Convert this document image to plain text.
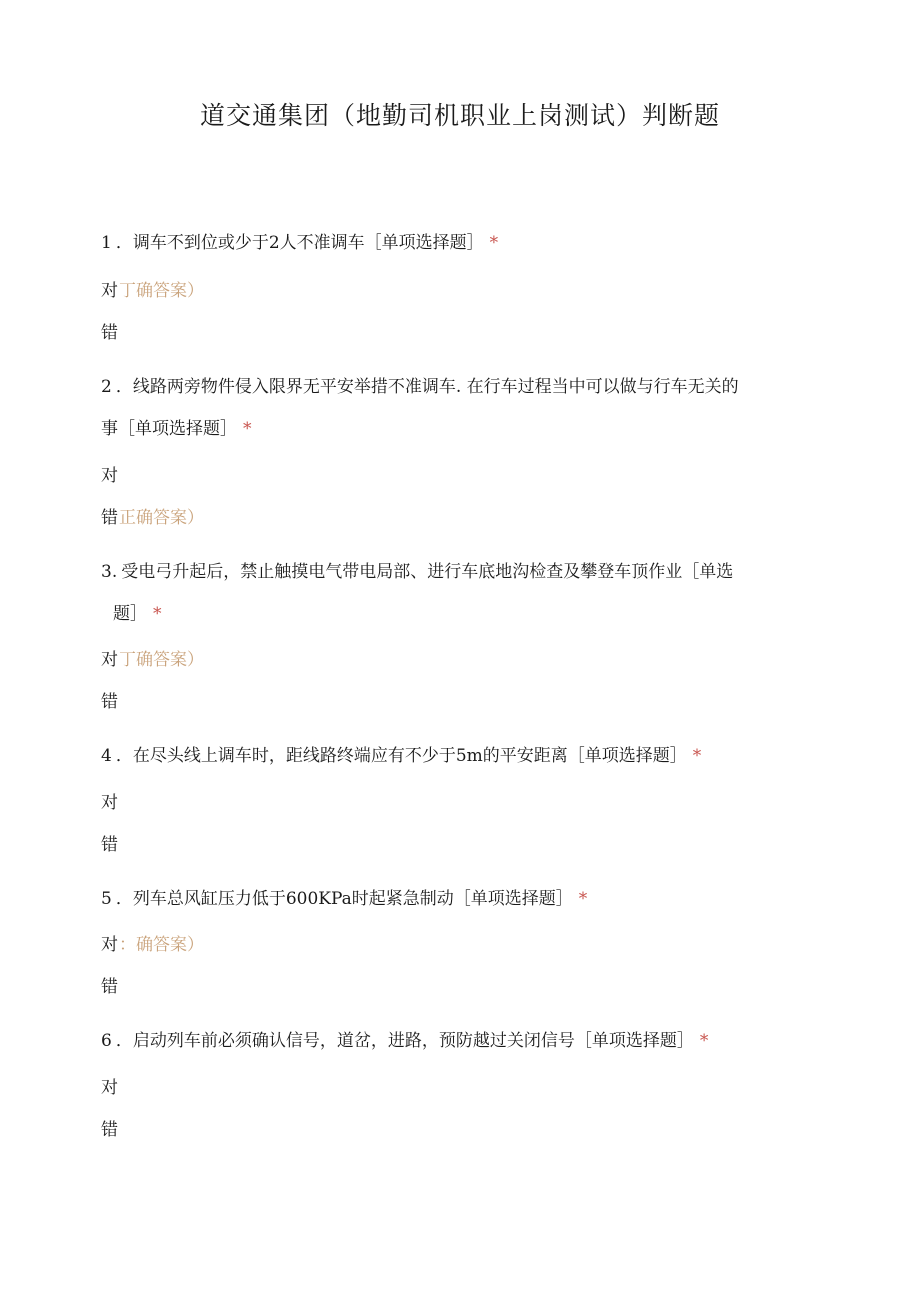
道交通集团（地勤司机职业上岗测试）判断题
1 ．调车不到位或少于2人不准调车［单项选择题］ *
对丁确答案）
错
2 ．线路两旁物件侵入限界无平安举措不准调车. 在行车过程当中可以做与行车无关的
事［单项选择题］ *
对
错正确答案）
3. 受电弓升起后，禁止触摸电气带电局部、进行车底地沟检查及攀登车顶作业［单选
题］ *
对丁确答案）
错
4 ．在尽头线上调车时，距线路终端应有不少于5m的平安距离［单项选择题］ *
对
错
5 ．列车总风缸压力低于600KPa时起紧急制动［单项选择题］ *
对：确答案）
错
6 ．启动列车前必须确认信号，道岔，进路，预防越过关闭信号［单项选择题］ *
对
错
